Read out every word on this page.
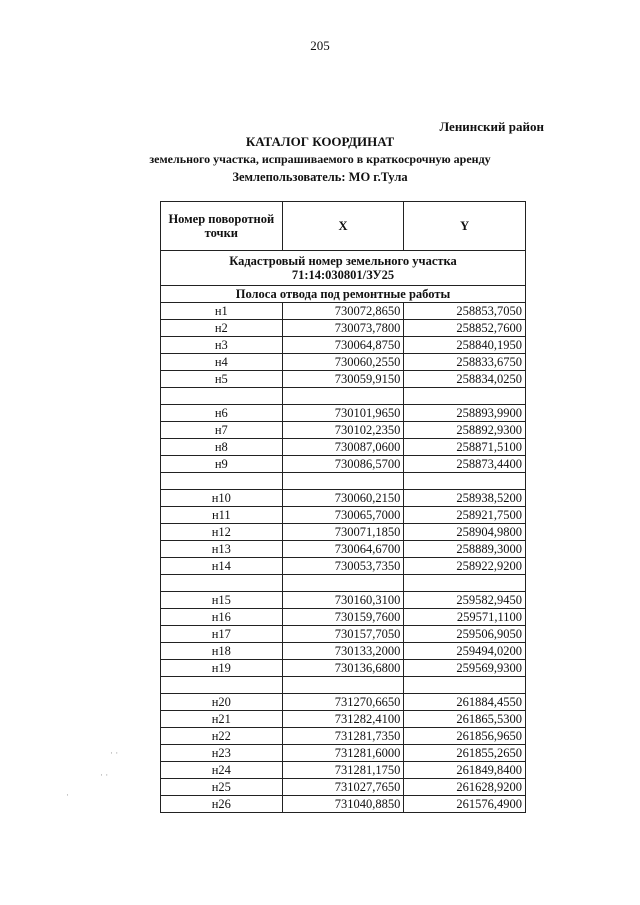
205
Ленинский район
КАТАЛОГ КООРДИНАТ
земельного участка, испрашиваемого в краткосрочную аренду
Землепользователь: МО г.Тула
Номер поворотной точки	X	Y

Кадастровый номер земельного участка
71:14:030801/ЗУ25		

Полоса отвода под ремонтные работы		
н1	730072,8650	258853,7050
н2	730073,7800	258852,7600
н3	730064,8750	258840,1950
н4	730060,2550	258833,6750
н5	730059,9150	258834,0250

н6	730101,9650	258893,9900
н7	730102,2350	258892,9300
н8	730087,0600	258871,5100
н9	730086,5700	258873,4400

н10	730060,2150	258938,5200
н11	730065,7000	258921,7500
н12	730071,1850	258904,9800
н13	730064,6700	258889,3000
н14	730053,7350	258922,9200

н15	730160,3100	259582,9450
н16	730159,7600	259571,1100
н17	730157,7050	259506,9050
н18	730133,2000	259494,0200
н19	730136,6800	259569,9300

н20	731270,6650	261884,4550
н21	731282,4100	261865,5300
н22	731281,7350	261856,9650
н23	731281,6000	261855,2650
н24	731281,1750	261849,8400
н25	731027,7650	261628,9200
н26	731040,8850	261576,4900
· ·
· ·
·
